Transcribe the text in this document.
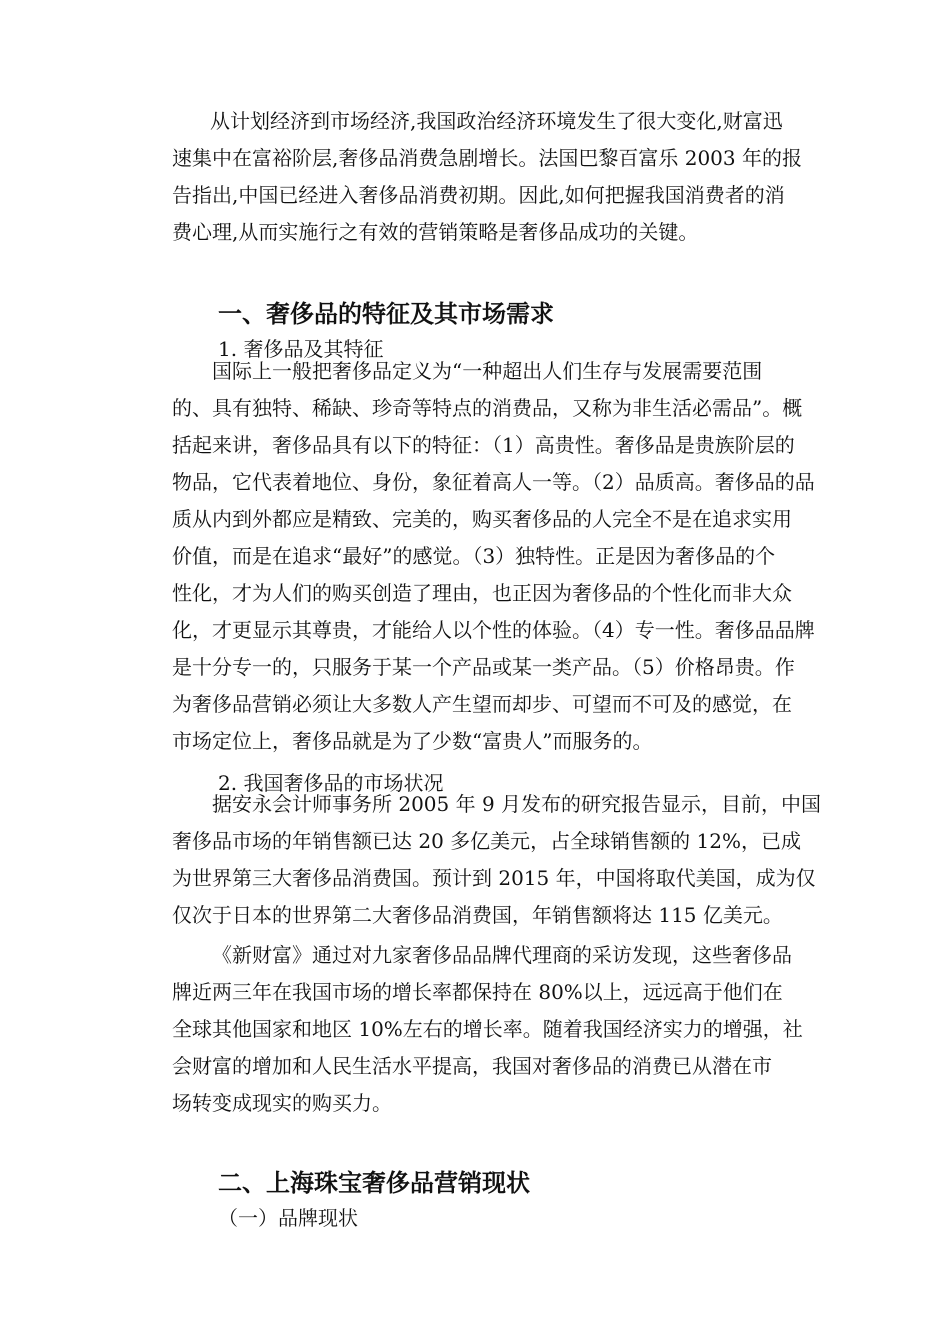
从计划经济到市场经济,我国政治经济环境发生了很大变化,财富迅
速集中在富裕阶层,奢侈品消费急剧增长。法国巴黎百富乐 2003 年的报
告指出,中国已经进入奢侈品消费初期。因此,如何把握我国消费者的消
费心理,从而实施行之有效的营销策略是奢侈品成功的关键。
一、奢侈品的特征及其市场需求

1. 奢侈品及其特征

国际上一般把奢侈品定义为“一种超出人们生存与发展需要范围
的、具有独特、稀缺、珍奇等特点的消费品，又称为非生活必需品”。概
括起来讲，奢侈品具有以下的特征：（1）高贵性。奢侈品是贵族阶层的
物品，它代表着地位、身份，象征着高人一等。（2）品质高。奢侈品的品
质从内到外都应是精致、完美的，购买奢侈品的人完全不是在追求实用
价值，而是在追求“最好”的感觉。（3）独特性。正是因为奢侈品的个
性化，才为人们的购买创造了理由，也正因为奢侈品的个性化而非大众
化，才更显示其尊贵，才能给人以个性的体验。（4）专一性。奢侈品品牌
是十分专一的，只服务于某一个产品或某一类产品。（5）价格昂贵。作
为奢侈品营销必须让大多数人产生望而却步、可望而不可及的感觉，在
市场定位上，奢侈品就是为了少数“富贵人”而服务的。

2. 我国奢侈品的市场状况

据安永会计师事务所 2005 年 9 月发布的研究报告显示，目前，中国
奢侈品市场的年销售额已达 20 多亿美元，占全球销售额的 12%，已成
为世界第三大奢侈品消费国。预计到 2015 年，中国将取代美国，成为仅
仅次于日本的世界第二大奢侈品消费国，年销售额将达 115 亿美元。
《新财富》通过对九家奢侈品品牌代理商的采访发现，这些奢侈品
牌近两三年在我国市场的增长率都保持在 80%以上，远远高于他们在
全球其他国家和地区 10%左右的增长率。随着我国经济实力的增强，社
会财富的增加和人民生活水平提高，我国对奢侈品的消费已从潜在市
场转变成现实的购买力。
二、上海珠宝奢侈品营销现状

（一）品牌现状
